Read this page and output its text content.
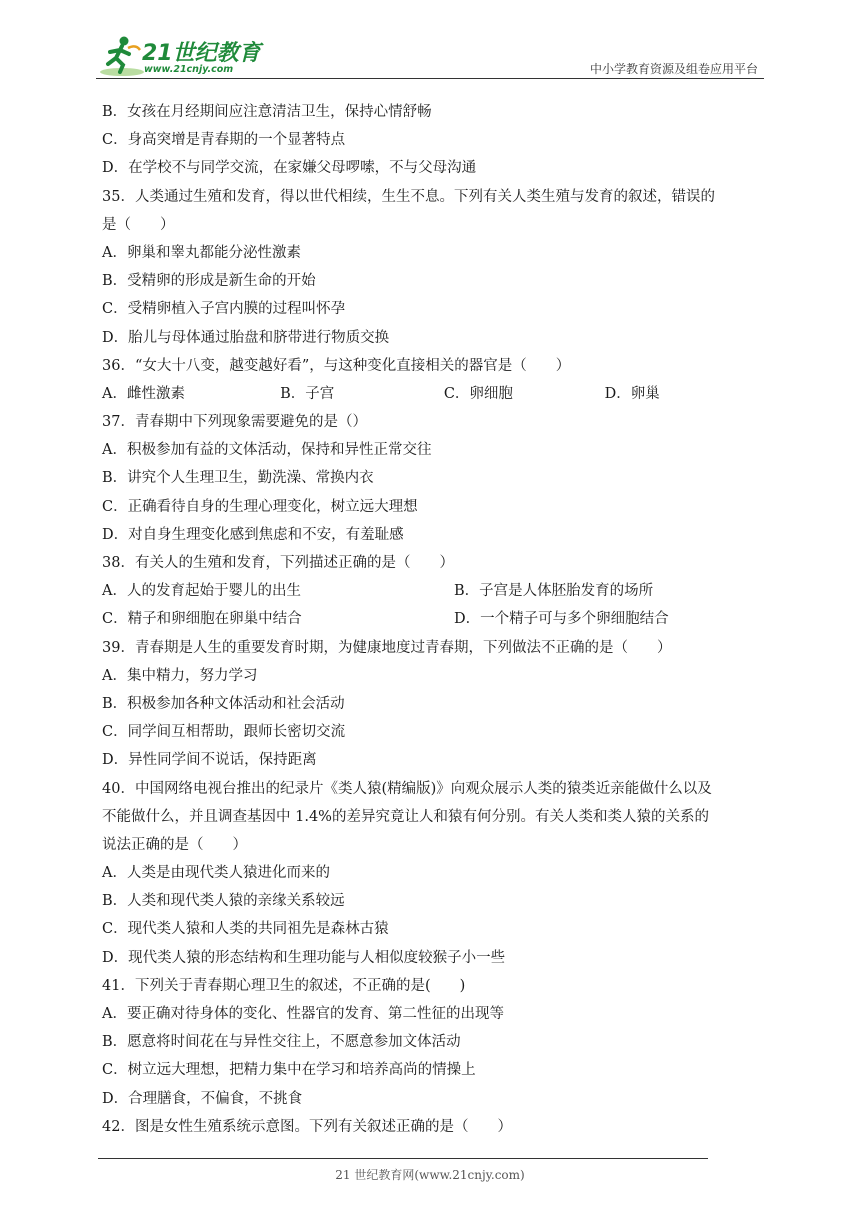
21世纪教育
www.21cnjy.com	中小学教育资源及组卷应用平台
B．女孩在月经期间应注意清洁卫生，保持心情舒畅
C．身高突增是青春期的一个显著特点
D．在学校不与同学交流，在家嫌父母啰嗦，不与父母沟通
35．人类通过生殖和发育，得以世代相续，生生不息。下列有关人类生殖与发育的叙述，错误的
是（　　）
A．卵巢和睾丸都能分泌性激素
B．受精卵的形成是新生命的开始
C．受精卵植入子宫内膜的过程叫怀孕
D．胎儿与母体通过胎盘和脐带进行物质交换
36．“女大十八变，越变越好看”，与这种变化直接相关的器官是（　　）
A．雌性激素	B．子宫	C．卵细胞	D．卵巢
37．青春期中下列现象需要避免的是（）
A．积极参加有益的文体活动，保持和异性正常交往
B．讲究个人生理卫生，勤洗澡、常换内衣
C．正确看待自身的生理心理变化，树立远大理想
D．对自身生理变化感到焦虑和不安，有羞耻感
38．有关人的生殖和发育，下列描述正确的是（　　）
A．人的发育起始于婴儿的出生	B．子宫是人体胚胎发育的场所
C．精子和卵细胞在卵巢中结合	D．一个精子可与多个卵细胞结合
39．青春期是人生的重要发育时期，为健康地度过青春期，下列做法不正确的是（　　）
A．集中精力，努力学习
B．积极参加各种文体活动和社会活动
C．同学间互相帮助，跟师长密切交流
D．异性同学间不说话，保持距离
40．中国网络电视台推出的纪录片《类人猿(精编版)》向观众展示人类的猿类近亲能做什么以及
不能做什么，并且调查基因中 1.4%的差异究竟让人和猿有何分别。有关人类和类人猿的关系的
说法正确的是（　　）
A．人类是由现代类人猿进化而来的
B．人类和现代类人猿的亲缘关系较远
C．现代类人猿和人类的共同祖先是森林古猿
D．现代类人猿的形态结构和生理功能与人相似度较猴子小一些
41．下列关于青春期心理卫生的叙述，不正确的是(　　)
A．要正确对待身体的变化、性器官的发育、第二性征的出现等
B．愿意将时间花在与异性交往上，不愿意参加文体活动
C．树立远大理想，把精力集中在学习和培养高尚的情操上
D．合理膳食，不偏食，不挑食
42．图是女性生殖系统示意图。下列有关叙述正确的是（　　）
21 世纪教育网(www.21cnjy.com)
